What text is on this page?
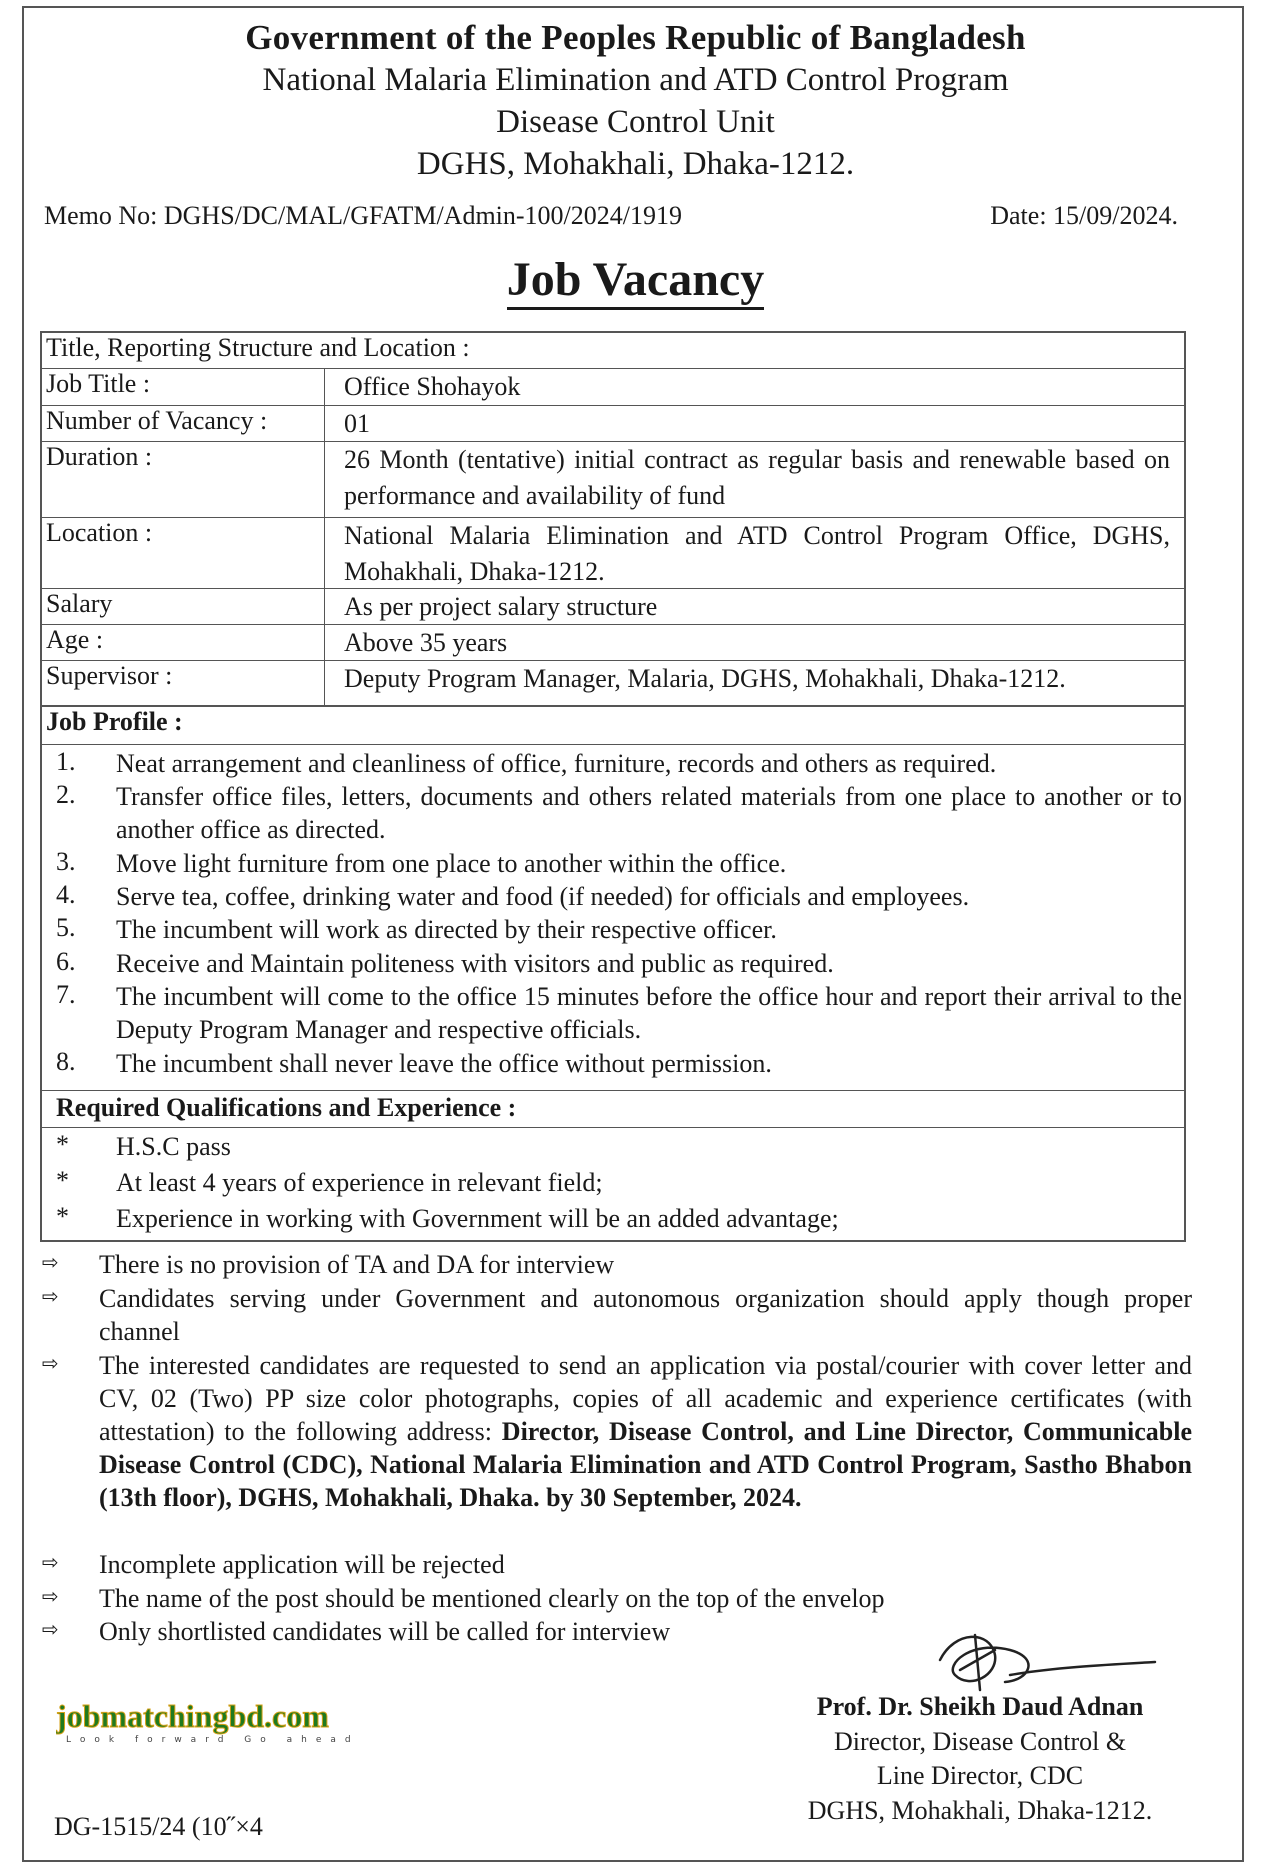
Government of the Peoples Republic of Bangladesh
National Malaria Elimination and ATD Control Program
Disease Control Unit
DGHS, Mohakhali, Dhaka-1212.
Memo No: DGHS/DC/MAL/GFATM/Admin-100/2024/1919	Date: 15/09/2024.
Job Vacancy
Title, Reporting Structure and Location :
Job Title :	Office Shohayok
Number of Vacancy :	01
Duration :	26 Month (tentative) initial contract as regular basis and renewable based on performance and availability of fund
Location :	National Malaria Elimination and ATD Control Program Office, DGHS, Mohakhali, Dhaka-1212.
Salary	As per project salary structure
Age :	Above 35 years
Supervisor :	Deputy Program Manager, Malaria, DGHS, Mohakhali, Dhaka-1212.
Job Profile :
1. Neat arrangement and cleanliness of office, furniture, records and others as required.
2. Transfer office files, letters, documents and others related materials from one place to another or to another office as directed.
3. Move light furniture from one place to another within the office.
4. Serve tea, coffee, drinking water and food (if needed) for officials and employees.
5. The incumbent will work as directed by their respective officer.
6. Receive and Maintain politeness with visitors and public as required.
7. The incumbent will come to the office 15 minutes before the office hour and report their arrival to the Deputy Program Manager and respective officials.
8. The incumbent shall never leave the office without permission.
Required Qualifications and Experience :
* H.S.C pass
* At least 4 years of experience in relevant field;
* Experience in working with Government will be an added advantage;
⇨ There is no provision of TA and DA for interview
⇨ Candidates serving under Government and autonomous organization should apply though proper channel
⇨ The interested candidates are requested to send an application via postal/courier with cover letter and CV, 02 (Two) PP size color photographs, copies of all academic and experience certificates (with attestation) to the following address: Director, Disease Control, and Line Director, Communicable Disease Control (CDC), National Malaria Elimination and ATD Control Program, Sastho Bhabon (13th floor), DGHS, Mohakhali, Dhaka. by 30 September, 2024.
⇨ Incomplete application will be rejected
⇨ The name of the post should be mentioned clearly on the top of the envelop
⇨ Only shortlisted candidates will be called for interview
jobmatchingbd.com
Look forward Go ahead
Prof. Dr. Sheikh Daud Adnan
Director, Disease Control &
Line Director, CDC
DGHS, Mohakhali, Dhaka-1212.
DG-1515/24 (10˝×4
